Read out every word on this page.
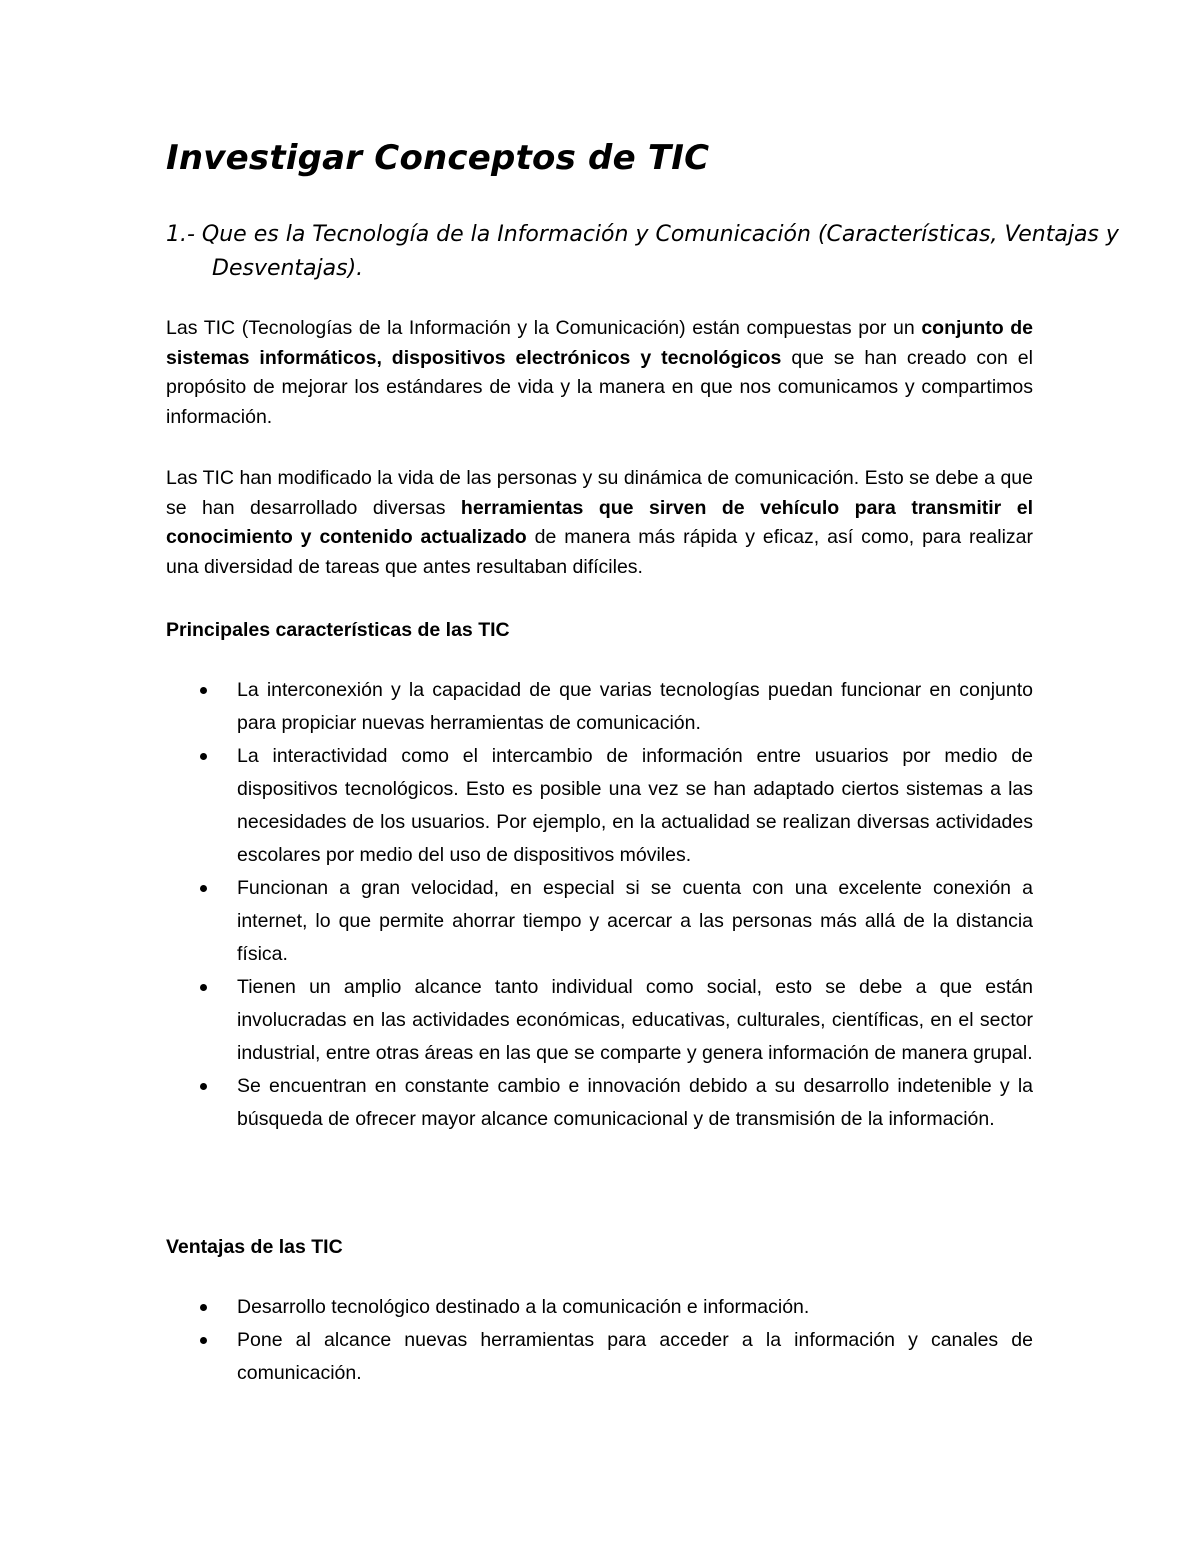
Investigar Conceptos de TIC

1.- Que es la Tecnología de la Información y Comunicación (Características, Ventajas y Desventajas).

Las TIC (Tecnologías de la Información y la Comunicación) están compuestas por un conjunto de sistemas informáticos, dispositivos electrónicos y tecnológicos que se han creado con el propósito de mejorar los estándares de vida y la manera en que nos comunicamos y compartimos información.

Las TIC han modificado la vida de las personas y su dinámica de comunicación. Esto se debe a que se han desarrollado diversas herramientas que sirven de vehículo para transmitir el conocimiento y contenido actualizado de manera más rápida y eficaz, así como, para realizar una diversidad de tareas que antes resultaban difíciles.

Principales características de las TIC
La interconexión y la capacidad de que varias tecnologías puedan funcionar en conjunto para propiciar nuevas herramientas de comunicación.
La interactividad como el intercambio de información entre usuarios por medio de dispositivos tecnológicos. Esto es posible una vez se han adaptado ciertos sistemas a las necesidades de los usuarios. Por ejemplo, en la actualidad se realizan diversas actividades escolares por medio del uso de dispositivos móviles.
Funcionan a gran velocidad, en especial si se cuenta con una excelente conexión a internet, lo que permite ahorrar tiempo y acercar a las personas más allá de la distancia física.
Tienen un amplio alcance tanto individual como social, esto se debe a que están involucradas en las actividades económicas, educativas, culturales, científicas, en el sector industrial, entre otras áreas en las que se comparte y genera información de manera grupal.
Se encuentran en constante cambio e innovación debido a su desarrollo indetenible y la búsqueda de ofrecer mayor alcance comunicacional y de transmisión de la información.
Ventajas de las TIC
Desarrollo tecnológico destinado a la comunicación e información.
Pone al alcance nuevas herramientas para acceder a la información y canales de comunicación.
